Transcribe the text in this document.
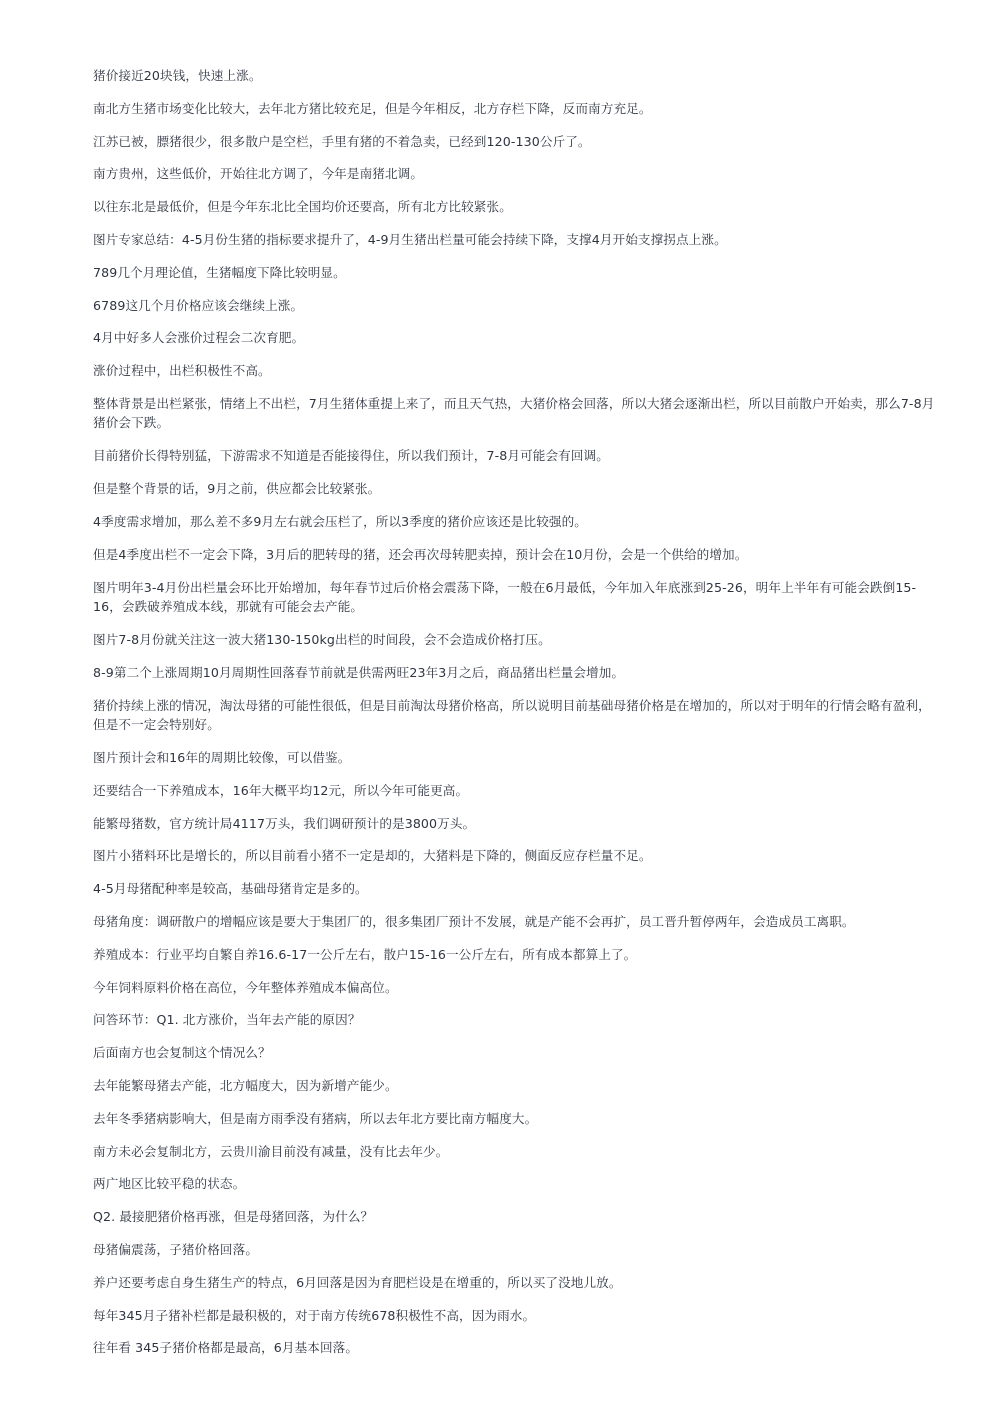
猪价接近20块钱，快速上涨。

南北方生猪市场变化比较大，去年北方猪比较充足，但是今年相反，北方存栏下降，反而南方充足。

江苏已被，膘猪很少，很多散户是空栏，手里有猪的不着急卖，已经到120-130公斤了。

南方贵州，这些低价，开始往北方调了，今年是南猪北调。

以往东北是最低价，但是今年东北比全国均价还要高，所有北方比较紧张。

图片专家总结：4-5月份生猪的指标要求提升了，4-9月生猪出栏量可能会持续下降，支撑4月开始支撑拐点上涨。

789几个月理论值，生猪幅度下降比较明显。

6789这几个月价格应该会继续上涨。

4月中好多人会涨价过程会二次育肥。

涨价过程中，出栏积极性不高。

整体背景是出栏紧张，情绪上不出栏，7月生猪体重提上来了，而且天气热，大猪价格会回落，所以大猪会逐渐出栏，所以目前散户开始卖，那么7-8月猪价会下跌。

目前猪价长得特别猛，下游需求不知道是否能接得住，所以我们预计，7-8月可能会有回调。

但是整个背景的话，9月之前，供应都会比较紧张。

4季度需求增加，那么差不多9月左右就会压栏了，所以3季度的猪价应该还是比较强的。

但是4季度出栏不一定会下降，3月后的肥转母的猪，还会再次母转肥卖掉，预计会在10月份，会是一个供给的增加。

图片明年3-4月份出栏量会环比开始增加，每年春节过后价格会震荡下降，一般在6月最低，今年加入年底涨到25-26，明年上半年有可能会跌倒15-16，会跌破养殖成本线，那就有可能会去产能。

图片7-8月份就关注这一波大猪130-150kg出栏的时间段，会不会造成价格打压。

8-9第二个上涨周期10月周期性回落春节前就是供需两旺23年3月之后，商品猪出栏量会增加。

猪价持续上涨的情况，淘汰母猪的可能性很低，但是目前淘汰母猪价格高，所以说明目前基础母猪价格是在增加的，所以对于明年的行情会略有盈利，但是不一定会特别好。

图片预计会和16年的周期比较像，可以借鉴。

还要结合一下养殖成本，16年大概平均12元，所以今年可能更高。

能繁母猪数，官方统计局4117万头，我们调研预计的是3800万头。

图片小猪料环比是增长的，所以目前看小猪不一定是却的，大猪料是下降的，侧面反应存栏量不足。

4-5月母猪配种率是较高，基础母猪肯定是多的。

母猪角度：调研散户的增幅应该是要大于集团厂的，很多集团厂预计不发展，就是产能不会再扩，员工晋升暂停两年，会造成员工离职。

养殖成本：行业平均自繁自养16.6-17一公斤左右，散户15-16一公斤左右，所有成本都算上了。

今年饲料原料价格在高位，今年整体养殖成本偏高位。

问答环节：Q1. 北方涨价，当年去产能的原因？

后面南方也会复制这个情况么？

去年能繁母猪去产能，北方幅度大，因为新增产能少。

去年冬季猪病影响大，但是南方雨季没有猪病，所以去年北方要比南方幅度大。

南方未必会复制北方，云贵川渝目前没有减量，没有比去年少。

两广地区比较平稳的状态。

Q2. 最接肥猪价格再涨，但是母猪回落，为什么？

母猪偏震荡，子猪价格回落。

养户还要考虑自身生猪生产的特点，6月回落是因为育肥栏设是在增重的，所以买了没地儿放。

每年345月子猪补栏都是最积极的，对于南方传统678积极性不高，因为雨水。

往年看 345子猪价格都是最高，6月基本回落。
